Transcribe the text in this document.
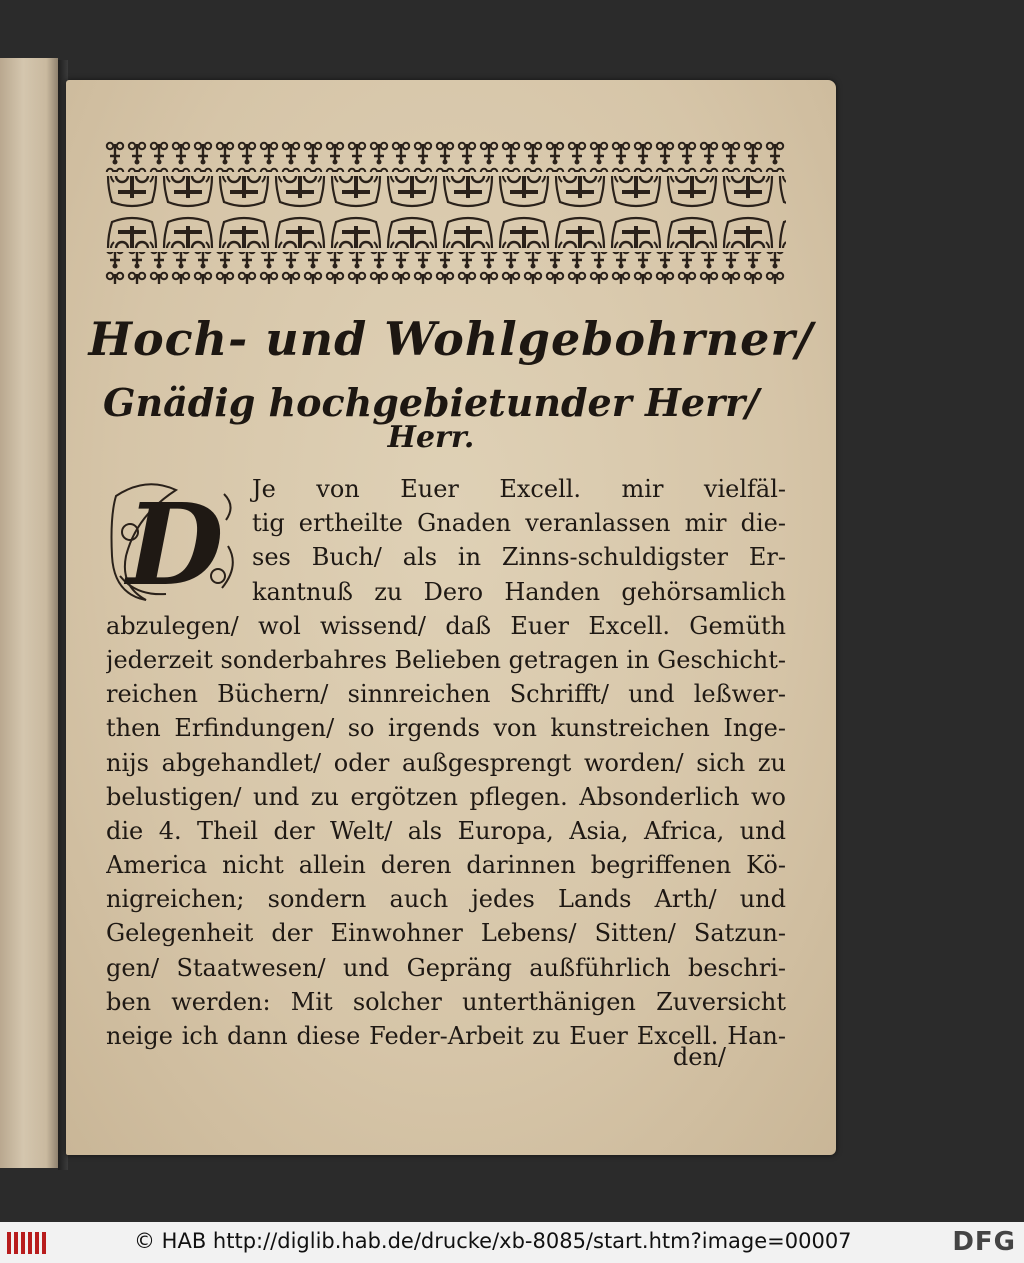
Hoch- und Wohlgebohrner/
Gnädig hochgebietunder Herr/
Herr.
D	Je von Euer Excell. mir vielfäl-
tig ertheilte Gnaden veranlassen mir die-
ses Buch/ als in Zinns-schuldigster Er-
kantnuß zu Dero Handen gehörsamlich
abzulegen/ wol wissend/ daß Euer Excell. Gemüth
jederzeit sonderbahres Belieben getragen in Geschicht-
reichen Büchern/ sinnreichen Schrifft/ und leßwer-
then Erfindungen/ so irgends von kunstreichen Inge-
nijs abgehandlet/ oder außgesprengt worden/ sich zu
belustigen/ und zu ergötzen pflegen. Absonderlich wo
die 4. Theil der Welt/ als Europa, Asia, Africa, und
America nicht allein deren darinnen begriffenen Kö-
nigreichen; sondern auch jedes Lands Arth/ und
Gelegenheit der Einwohner Lebens/ Sitten/ Satzun-
gen/ Staatwesen/ und Gepräng außführlich beschri-
ben werden: Mit solcher unterthänigen Zuversicht
neige ich dann diese Feder-Arbeit zu Euer Excell. Han-
den/
© HAB http://diglib.hab.de/drucke/xb-8085/start.htm?image=00007	DFG
